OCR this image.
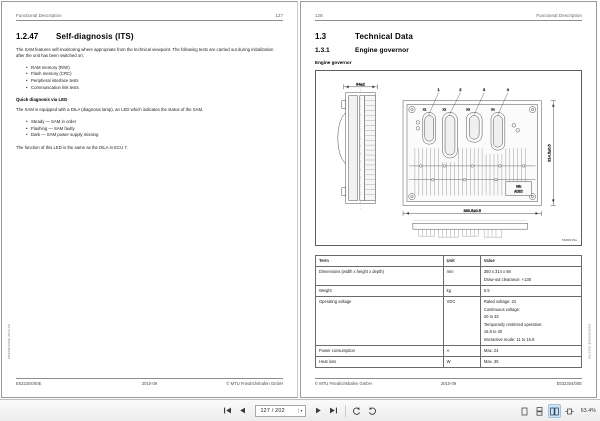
Functional Description	127
1.2.47	Self-diagnosis (ITS)

The SAM features self-monitoring where appropriate from the technical viewpoint. The following tests are carried out during initialization after the unit has been switched on:

• RAM memory (R/W)
• Flash memory (CRC)
• Peripheral interface tests
• Communication link tests
Quick diagnosis via LED

The SAM is equipped with a DILA (diagnosis lamp), an LED which indicates the status of the SAM.

• Steady — SAM in order
• Flashing — SAM faulty
• Dark — SAM power supply missing

The function of this LED is the same as the DILA in ECU 7.

E532304/00E 2010-09
E532304/00E	2010-09	© MTU Friedrichshafen GmbH
128	Functional Description
1.3	Technical Data
1.3.1	Engine governor
Engine governor
84±2
X1	X2	X3	X4
mtu
ADEC
1	2	3	4
314.5±0.5
360.5±0.5
5000015a
Term	Unit	Value
Dimensions (width x height x depth)	mm	360 x 314 x 68
Draw-out clearance: +138

Weight	kg	5.5

Operating voltage	VDC	Rated voltage: 24
Continuous voltage:
20 to 32
Temporarily restricted operation:
16.8 to 20
Interactive mode: 11 to 16.8

Power consumption	A	Max. 24

Heat loss	W	Max. 35
E532304/00E 2010-09
© MTU Friedrichshafen GmbH	2010-09	E532304/00E
127 / 202	▾	63.4%
